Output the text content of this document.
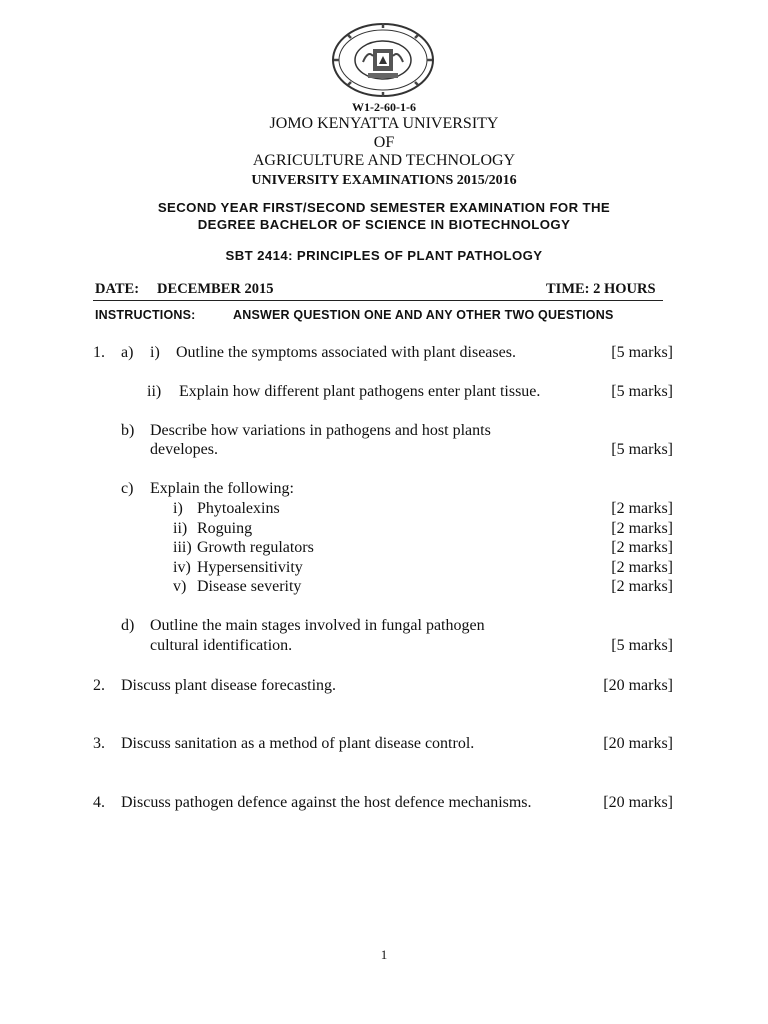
W1-2-60-1-6
JOMO KENYATTA UNIVERSITY
OF
AGRICULTURE AND TECHNOLOGY
UNIVERSITY EXAMINATIONS 2015/2016
SECOND YEAR FIRST/SECOND SEMESTER EXAMINATION FOR THE
DEGREE BACHELOR OF SCIENCE IN BIOTECHNOLOGY
SBT 2414: PRINCIPLES OF PLANT PATHOLOGY
DATE: DECEMBER 2015	TIME: 2 HOURS
INSTRUCTIONS:	ANSWER QUESTION ONE AND ANY OTHER TWO QUESTIONS
1. a) i) Outline the symptoms associated with plant diseases.	[5 marks]
ii) Explain how different plant pathogens enter plant tissue.	[5 marks]
b) Describe how variations in pathogens and host plants
developes.	[5 marks]
c) Explain the following:
i) Phytoalexins	[2 marks]
ii) Roguing	[2 marks]
iii) Growth regulators	[2 marks]
iv) Hypersensitivity	[2 marks]
v) Disease severity	[2 marks]
d) Outline the main stages involved in fungal pathogen
cultural identification.	[5 marks]
2. Discuss plant disease forecasting.	[20 marks]
3. Discuss sanitation as a method of plant disease control.	[20 marks]
4. Discuss pathogen defence against the host defence mechanisms.	[20 marks]
1
